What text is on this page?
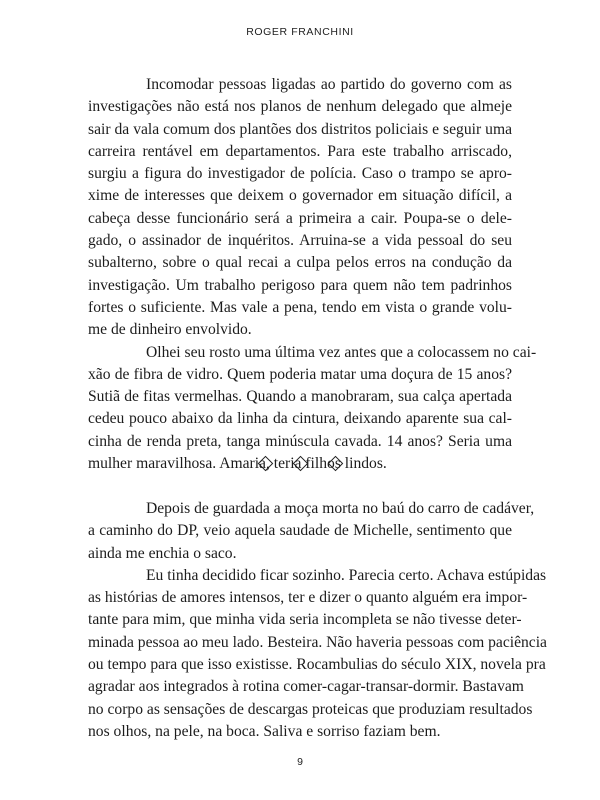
ROGER FRANCHINI
Incomodar pessoas ligadas ao partido do governo com as
investigações não está nos planos de nenhum delegado que almeje
sair da vala comum dos plantões dos distritos policiais e seguir uma
carreira rentável em departamentos. Para este trabalho arriscado,
surgiu a figura do investigador de polícia. Caso o trampo se apro-
xime de interesses que deixem o governador em situação difícil, a
cabeça desse funcionário será a primeira a cair. Poupa-se o dele-
gado, o assinador de inquéritos. Arruina-se a vida pessoal do seu
subalterno, sobre o qual recai a culpa pelos erros na condução da
investigação. Um trabalho perigoso para quem não tem padrinhos
fortes o suficiente. Mas vale a pena, tendo em vista o grande volu-
me de dinheiro envolvido.
Olhei seu rosto uma última vez antes que a colocassem no cai-
xão de fibra de vidro. Quem poderia matar uma doçura de 15 anos?
Sutiã de fitas vermelhas. Quando a manobraram, sua calça apertada
cedeu pouco abaixo da linha da cintura, deixando aparente sua cal-
cinha de renda preta, tanga minúscula cavada. 14 anos? Seria uma
mulher maravilhosa. Amaria, teria filhos lindos.
Depois de guardada a moça morta no baú do carro de cadáver,
a caminho do DP, veio aquela saudade de Michelle, sentimento que
ainda me enchia o saco.
Eu tinha decidido ficar sozinho. Parecia certo. Achava estúpidas
as histórias de amores intensos, ter e dizer o quanto alguém era impor-
tante para mim, que minha vida seria incompleta se não tivesse deter-
minada pessoa ao meu lado. Besteira. Não haveria pessoas com paciência
ou tempo para que isso existisse. Rocambulias do século XIX, novela pra
agradar aos integrados à rotina comer-cagar-transar-dormir. Bastavam
no corpo as sensações de descargas proteicas que produziam resultados
nos olhos, na pele, na boca. Saliva e sorriso faziam bem.
9
